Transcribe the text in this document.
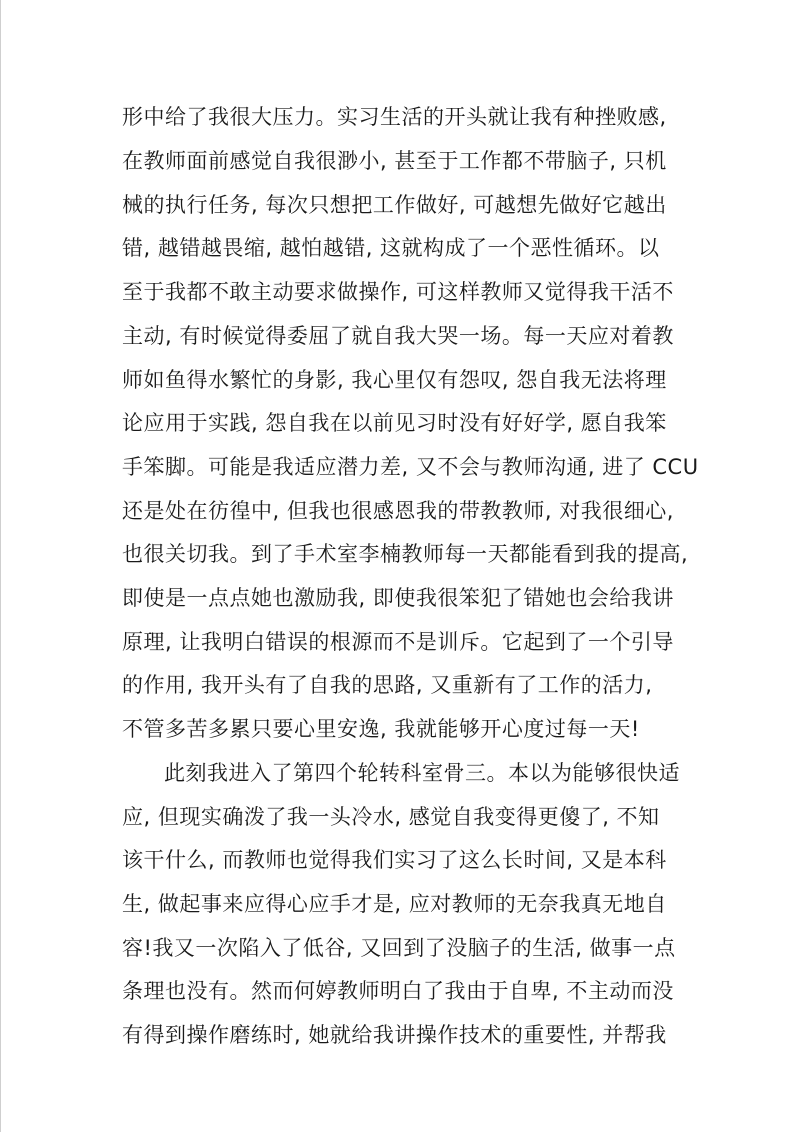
形中给了我很大压力。实习生活的开头就让我有种挫败感,
在教师面前感觉自我很渺小, 甚至于工作都不带脑子, 只机
械的执行任务, 每次只想把工作做好, 可越想先做好它越出
错, 越错越畏缩, 越怕越错, 这就构成了一个恶性循环。以
至于我都不敢主动要求做操作, 可这样教师又觉得我干活不
主动, 有时候觉得委屈了就自我大哭一场。每一天应对着教
师如鱼得水繁忙的身影, 我心里仅有怨叹, 怨自我无法将理
论应用于实践, 怨自我在以前见习时没有好好学, 愿自我笨
手笨脚。可能是我适应潜力差, 又不会与教师沟通, 进了 CCU
还是处在彷徨中, 但我也很感恩我的带教教师, 对我很细心,
也很关切我。到了手术室李楠教师每一天都能看到我的提高,
即使是一点点她也激励我, 即使我很笨犯了错她也会给我讲
原理, 让我明白错误的根源而不是训斥。它起到了一个引导
的作用, 我开头有了自我的思路, 又重新有了工作的活力,
不管多苦多累只要心里安逸, 我就能够开心度过每一天!
此刻我进入了第四个轮转科室骨三。本以为能够很快适
应, 但现实确泼了我一头冷水, 感觉自我变得更傻了, 不知
该干什么, 而教师也觉得我们实习了这么长时间, 又是本科
生, 做起事来应得心应手才是, 应对教师的无奈我真无地自
容!我又一次陷入了低谷, 又回到了没脑子的生活, 做事一点
条理也没有。然而何婷教师明白了我由于自卑, 不主动而没
有得到操作磨练时, 她就给我讲操作技术的重要性, 并帮我
